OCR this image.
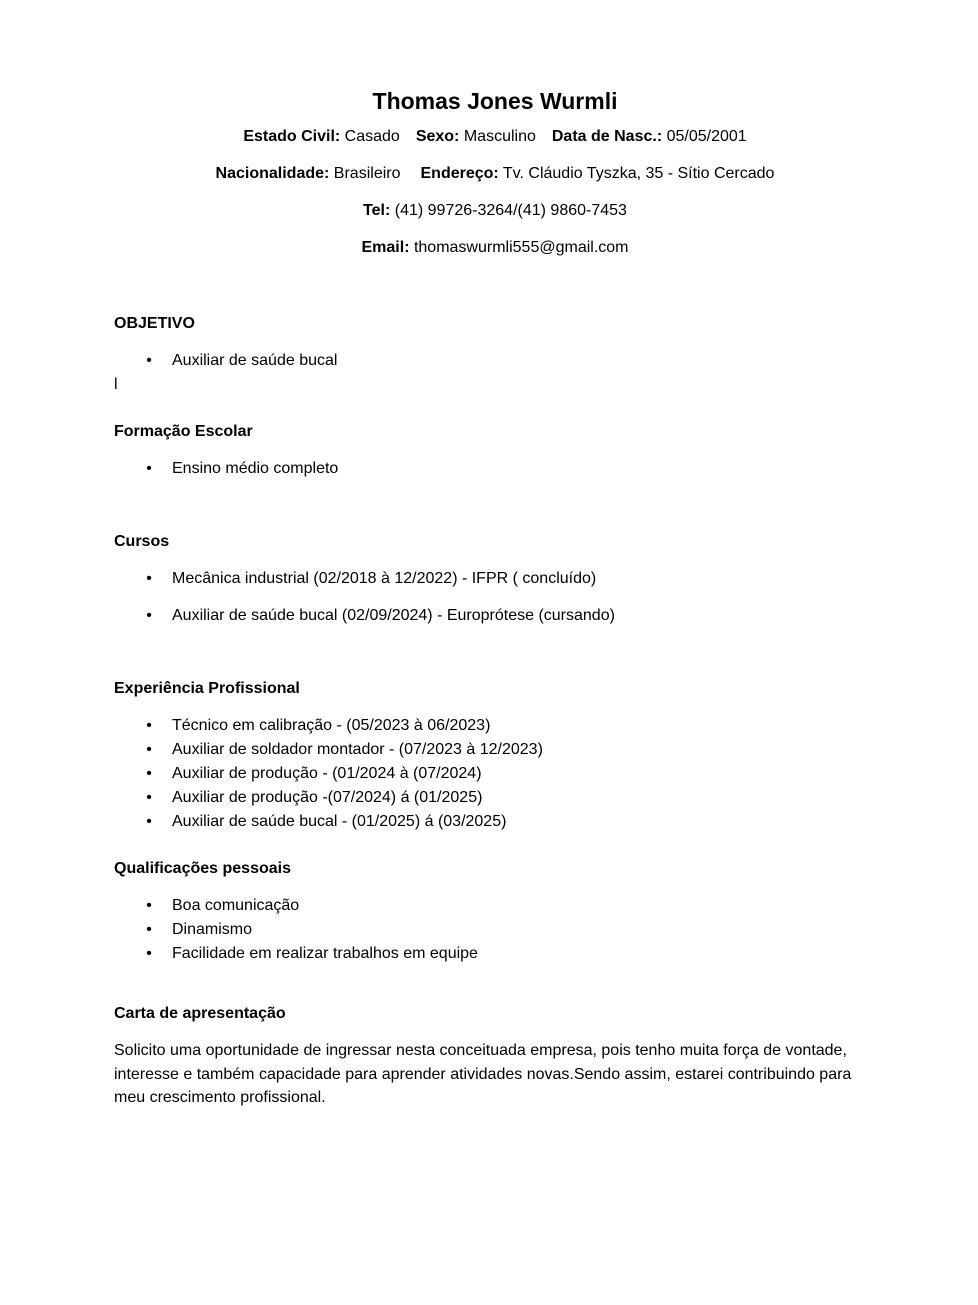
Thomas Jones Wurmli
Estado Civil: Casado Sexo: Masculino Data de Nasc.: 05/05/2001
Nacionalidade: Brasileiro Endereço: Tv. Cláudio Tyszka, 35 - Sítio Cercado
Tel: (41) 99726-3264/(41) 9860-7453
Email: thomaswurmli555@gmail.com
OBJETIVO
• Auxiliar de saúde bucal
l
Formação Escolar
• Ensino médio completo
Cursos
• Mecânica industrial (02/2018 à 12/2022) - IFPR ( concluído)
• Auxiliar de saúde bucal (02/09/2024) - Europrótese (cursando)
Experiência Profissional
• Técnico em calibração - (05/2023 à 06/2023)
• Auxiliar de soldador montador - (07/2023 à 12/2023)
• Auxiliar de produção - (01/2024 à (07/2024)
• Auxiliar de produção -(07/2024) á (01/2025)
• Auxiliar de saúde bucal - (01/2025) á (03/2025)
Qualificações pessoais
• Boa comunicação
• Dinamismo
• Facilidade em realizar trabalhos em equipe
Carta de apresentação
Solicito uma oportunidade de ingressar nesta conceituada empresa, pois tenho muita força de vontade, interesse e também capacidade para aprender atividades novas.Sendo assim, estarei contribuindo para meu crescimento profissional.
